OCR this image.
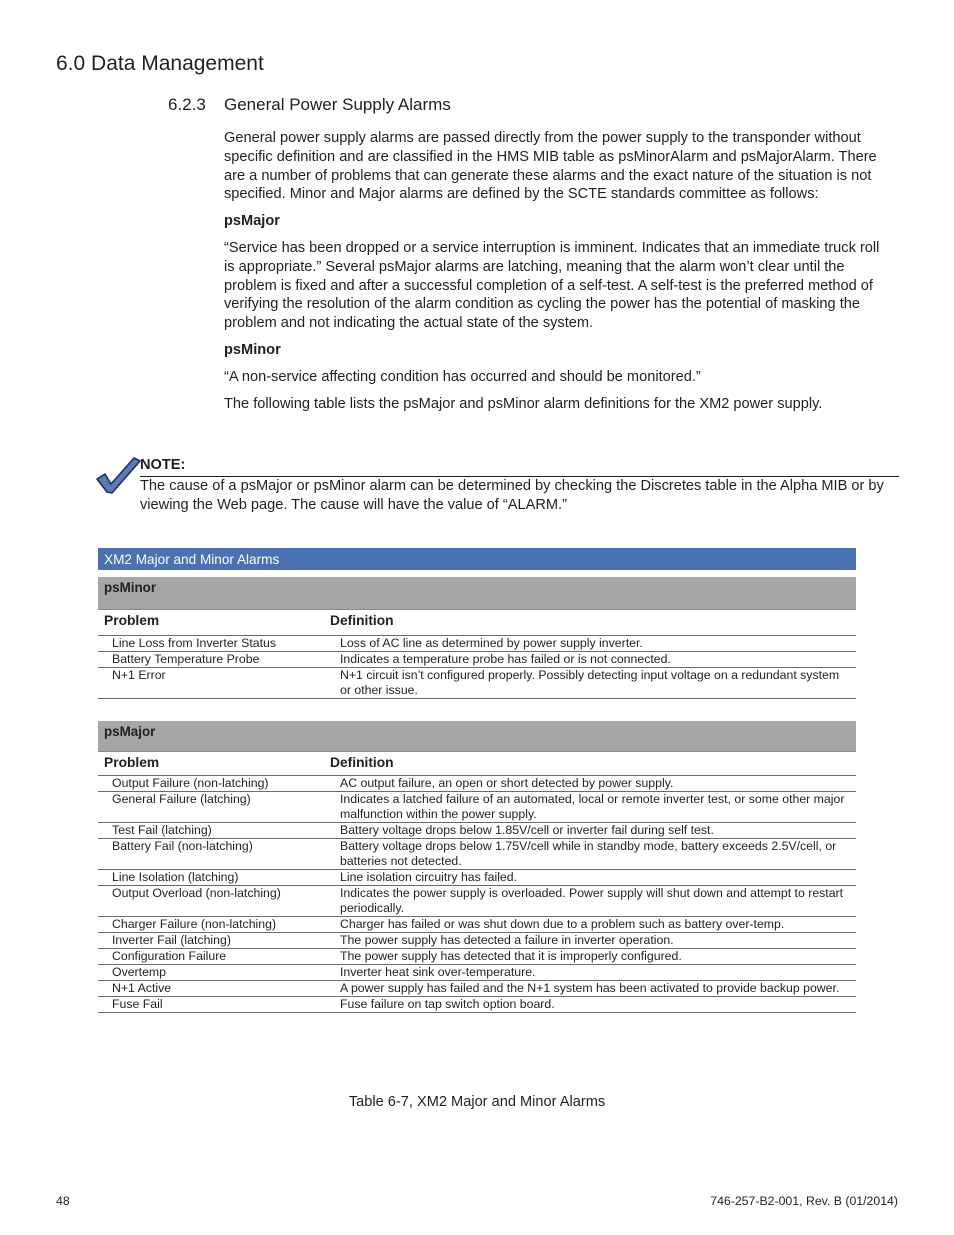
6.0 Data Management
6.2.3 General Power Supply Alarms

General power supply alarms are passed directly from the power supply to the transponder without specific definition and are classified in the HMS MIB table as psMinorAlarm and psMajorAlarm. There are a number of problems that can generate these alarms and the exact nature of the situation is not specified. Minor and Major alarms are defined by the SCTE standards committee as follows:

psMajor

“Service has been dropped or a service interruption is imminent. Indicates that an immediate truck roll is appropriate.” Several psMajor alarms are latching, meaning that the alarm won’t clear until the problem is fixed and after a successful completion of a self-test. A self-test is the preferred method of verifying the resolution of the alarm condition as cycling the power has the potential of masking the problem and not indicating the actual state of the system.

psMinor

“A non-service affecting condition has occurred and should be monitored.”

The following table lists the psMajor and psMinor alarm definitions for the XM2 power supply.

NOTE:
The cause of a psMajor or psMinor alarm can be determined by checking the Discretes table in the Alpha MIB or by viewing the Web page. The cause will have the value of “ALARM.”
XM2 Major and Minor Alarms	

psMinor	
Problem	Definition
Line Loss from Inverter Status	Loss of AC line as determined by power supply inverter.
Battery Temperature Probe	Indicates a temperature probe has failed or is not connected.
N+1 Error	N+1 circuit isn’t configured properly. Possibly detecting input voltage on a redundant system or other issue.
psMajor	
Problem	Definition
Output Failure (non-latching)	AC output failure, an open or short detected by power supply.
General Failure (latching)	Indicates a latched failure of an automated, local or remote inverter test, or some other major malfunction within the power supply.
Test Fail (latching)	Battery voltage drops below 1.85V/cell or inverter fail during self test.
Battery Fail (non-latching)	Battery voltage drops below 1.75V/cell while in standby mode, battery exceeds 2.5V/cell, or batteries not detected.
Line Isolation (latching)	Line isolation circuitry has failed.
Output Overload (non-latching)	Indicates the power supply is overloaded. Power supply will shut down and attempt to restart periodically.
Charger Failure (non-latching)	Charger has failed or was shut down due to a problem such as battery over-temp.
Inverter Fail (latching)	The power supply has detected a failure in inverter operation.
Configuration Failure	The power supply has detected that it is improperly configured.
Overtemp	Inverter heat sink over-temperature.
N+1 Active	A power supply has failed and the N+1 system has been activated to provide backup power.
Fuse Fail	Fuse failure on tap switch option board.
Table 6-7, XM2 Major and Minor Alarms
48	746-257-B2-001, Rev. B (01/2014)
